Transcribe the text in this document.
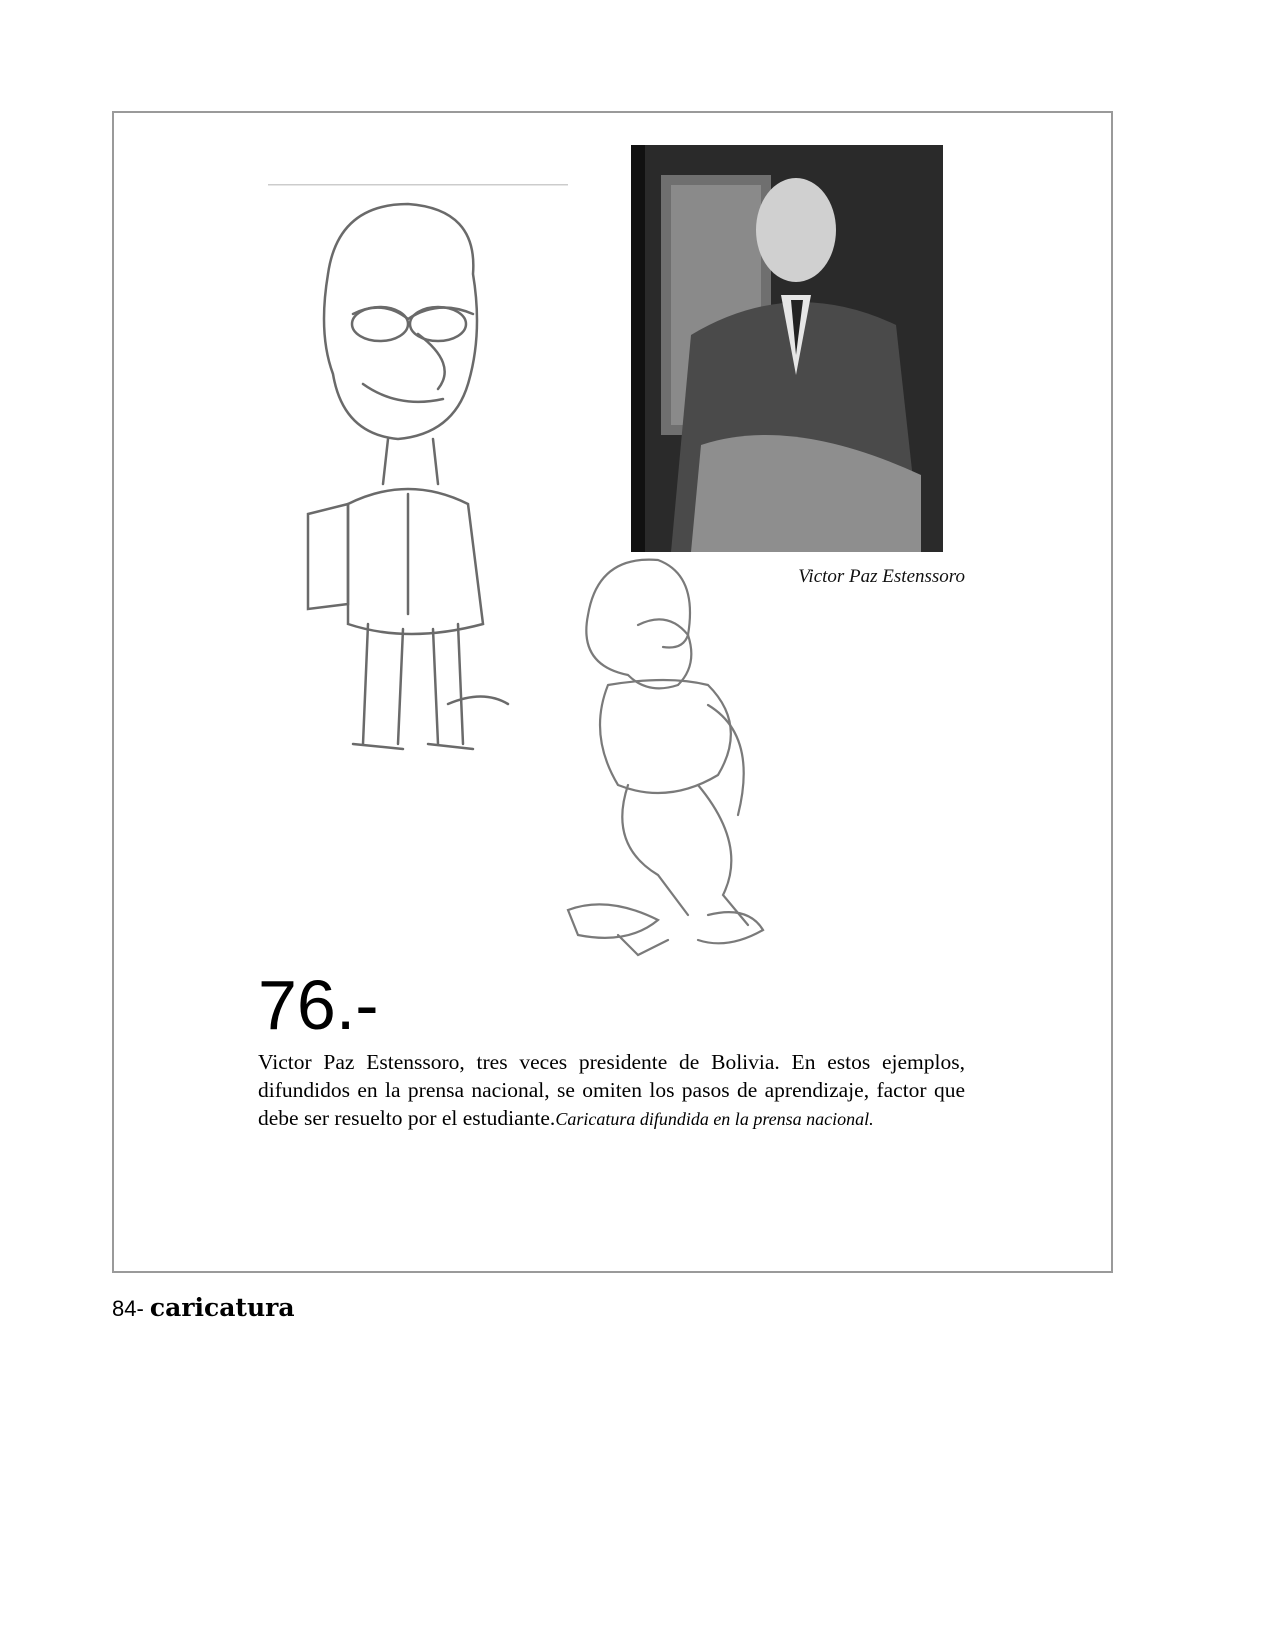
Victor Paz Estenssoro
76.-
Victor Paz Estenssoro, tres veces presidente de Bolivia. En estos ejemplos, difundidos en la prensa nacional, se omiten los pasos de aprendizaje, factor que debe ser resuelto por el estudiante.Caricatura difundida en la prensa nacional.
84- caricatura
